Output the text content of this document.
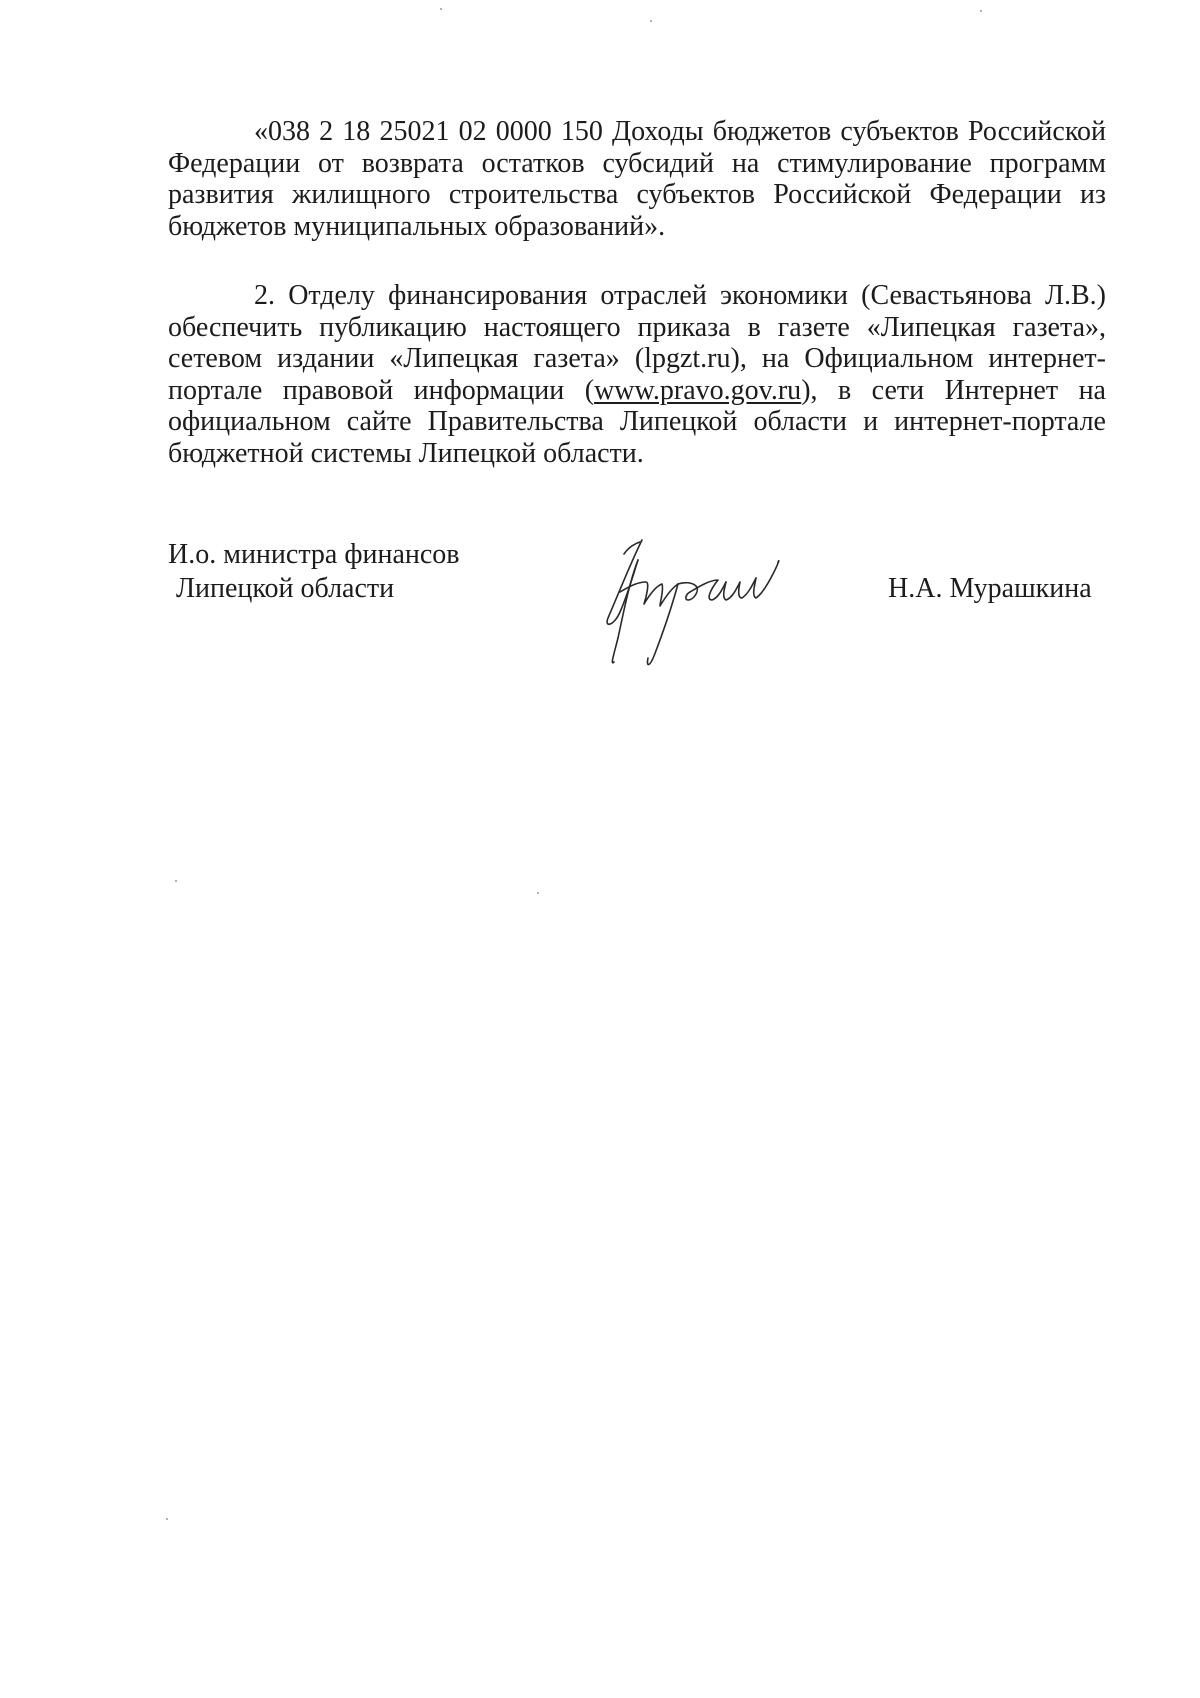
«038 2 18 25021 02 0000 150 Доходы бюджетов субъектов Российской Федерации от возврата остатков субсидий на стимулирование программ развития жилищного строительства субъектов Российской Федерации из бюджетов муниципальных образований».

2. Отделу финансирования отраслей экономики (Севастьянова Л.В.) обеспечить публикацию настоящего приказа в газете «Липецкая газета», сетевом издании «Липецкая газета» (lpgzt.ru), на Официальном интернет-портале правовой информации (www.pravo.gov.ru), в сети Интернет на официальном сайте Правительства Липецкой области и интернет-портале бюджетной системы Липецкой области.

И.о. министра финансов
Липецкой области	Н.А. Мурашкина
